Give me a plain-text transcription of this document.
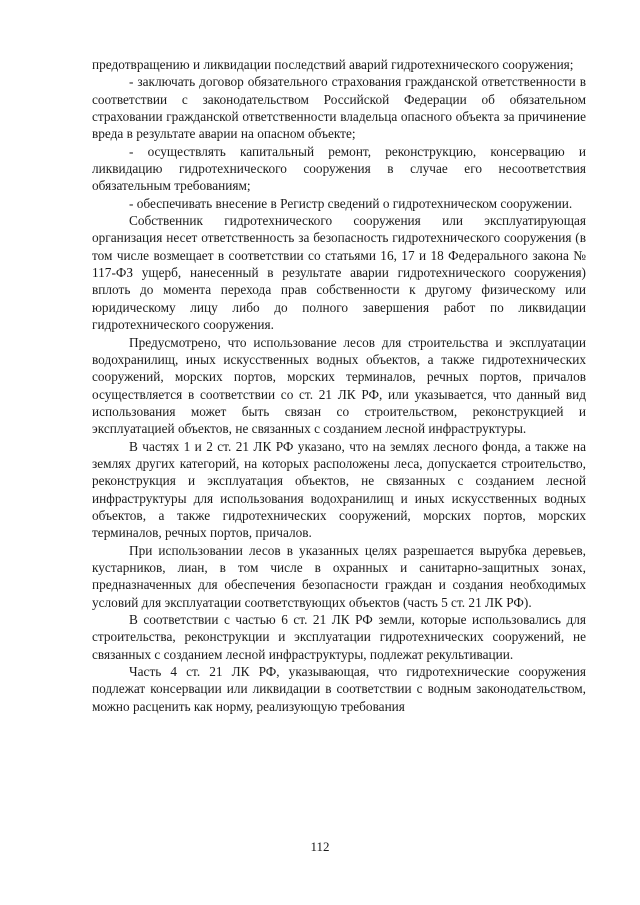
предотвращению и ликвидации последствий аварий гидротехнического сооружения;

- заключать договор обязательного страхования гражданской ответственности в соответствии с законодательством Российской Федерации об обязательном страховании гражданской ответственности владельца опасного объекта за причинение вреда в результате аварии на опасном объекте;

- осуществлять капитальный ремонт, реконструкцию, консервацию и ликвидацию гидротехнического сооружения в случае его несоответствия обязательным требованиям;

- обеспечивать внесение в Регистр сведений о гидротехническом сооружении.

Собственник гидротехнического сооружения или эксплуатирующая организация несет ответственность за безопасность гидротехнического сооружения (в том числе возмещает в соответствии со статьями 16, 17 и 18 Федерального закона № 117-ФЗ ущерб, нанесенный в результате аварии гидротехнического сооружения) вплоть до момента перехода прав собственности к другому физическому или юридическому лицу либо до полного завершения работ по ликвидации гидротехнического сооружения.

Предусмотрено, что использование лесов для строительства и эксплуатации водохранилищ, иных искусственных водных объектов, а также гидротехнических сооружений, морских портов, морских терминалов, речных портов, причалов осуществляется в соответствии со ст. 21 ЛК РФ, или указывается, что данный вид использования может быть связан со строительством, реконструкцией и эксплуатацией объектов, не связанных с созданием лесной инфраструктуры.

В частях 1 и 2 ст. 21 ЛК РФ указано, что на землях лесного фонда, а также на землях других категорий, на которых расположены леса, допускается строительство, реконструкция и эксплуатация объектов, не связанных с созданием лесной инфраструктуры для использования водохранилищ и иных искусственных водных объектов, а также гидротехнических сооружений, морских портов, морских терминалов, речных портов, причалов.

При использовании лесов в указанных целях разрешается вырубка деревьев, кустарников, лиан, в том числе в охранных и санитарно-защитных зонах, предназначенных для обеспечения безопасности граждан и создания необходимых условий для эксплуатации соответствующих объектов (часть 5 ст. 21 ЛК РФ).

В соответствии с частью 6 ст. 21 ЛК РФ земли, которые использовались для строительства, реконструкции и эксплуатации гидротехнических сооружений, не связанных с созданием лесной инфраструктуры, подлежат рекультивации.

Часть 4 ст. 21 ЛК РФ, указывающая, что гидротехнические сооружения подлежат консервации или ликвидации в соответствии с водным законодательством, можно расценить как норму, реализующую требования

112
